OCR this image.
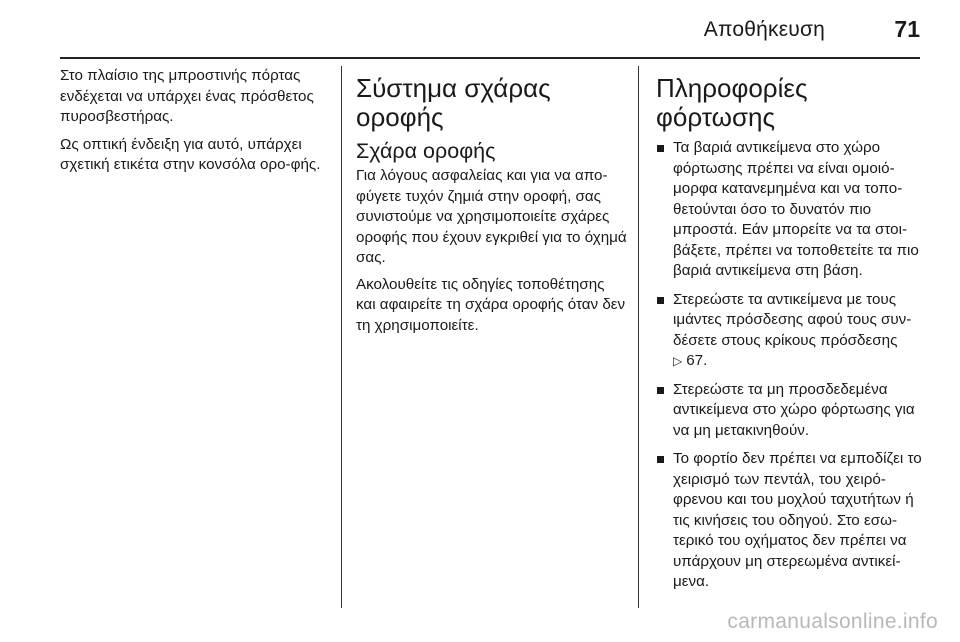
Αποθήκευση	71

Στο πλαίσιο της μπροστινής πόρτας ενδέχεται να υπάρχει ένας πρόσθετος πυροσβεστήρας.

Ως οπτική ένδειξη για αυτό, υπάρχει σχετική ετικέτα στην κονσόλα ορο-φής.

Σύστημα σχάρας οροφής
Σχάρα οροφής

Για λόγους ασφαλείας και για να απο-φύγετε τυχόν ζημιά στην οροφή, σας συνιστούμε να χρησιμοποιείτε σχάρες οροφής που έχουν εγκριθεί για το όχημά σας.

Ακολουθείτε τις οδηγίες τοποθέτησης και αφαιρείτε τη σχάρα οροφής όταν δεν τη χρησιμοποιείτε.

Πληροφορίες φόρτωσης
Τα βαριά αντικείμενα στο χώρο φόρτωσης πρέπει να είναι ομοιό-μορφα κατανεμημένα και να τοπο-θετούνται όσο το δυνατόν πιο μπροστά. Εάν μπορείτε να τα στοι-βάξετε, πρέπει να τοποθετείτε τα πιο βαριά αντικείμενα στη βάση.
Στερεώστε τα αντικείμενα με τους ιμάντες πρόσδεσης αφού τους συν-δέσετε στους κρίκους πρόσδεσης
▷ 67.
Στερεώστε τα μη προσδεδεμένα αντικείμενα στο χώρο φόρτωσης για να μη μετακινηθούν.
Το φορτίο δεν πρέπει να εμποδίζει το χειρισμό των πεντάλ, του χειρό-φρενου και του μοχλού ταχυτήτων ή τις κινήσεις του οδηγού. Στο εσω-τερικό του οχήματος δεν πρέπει να υπάρχουν μη στερεωμένα αντικεί-μενα.
carmanualsonline.info
